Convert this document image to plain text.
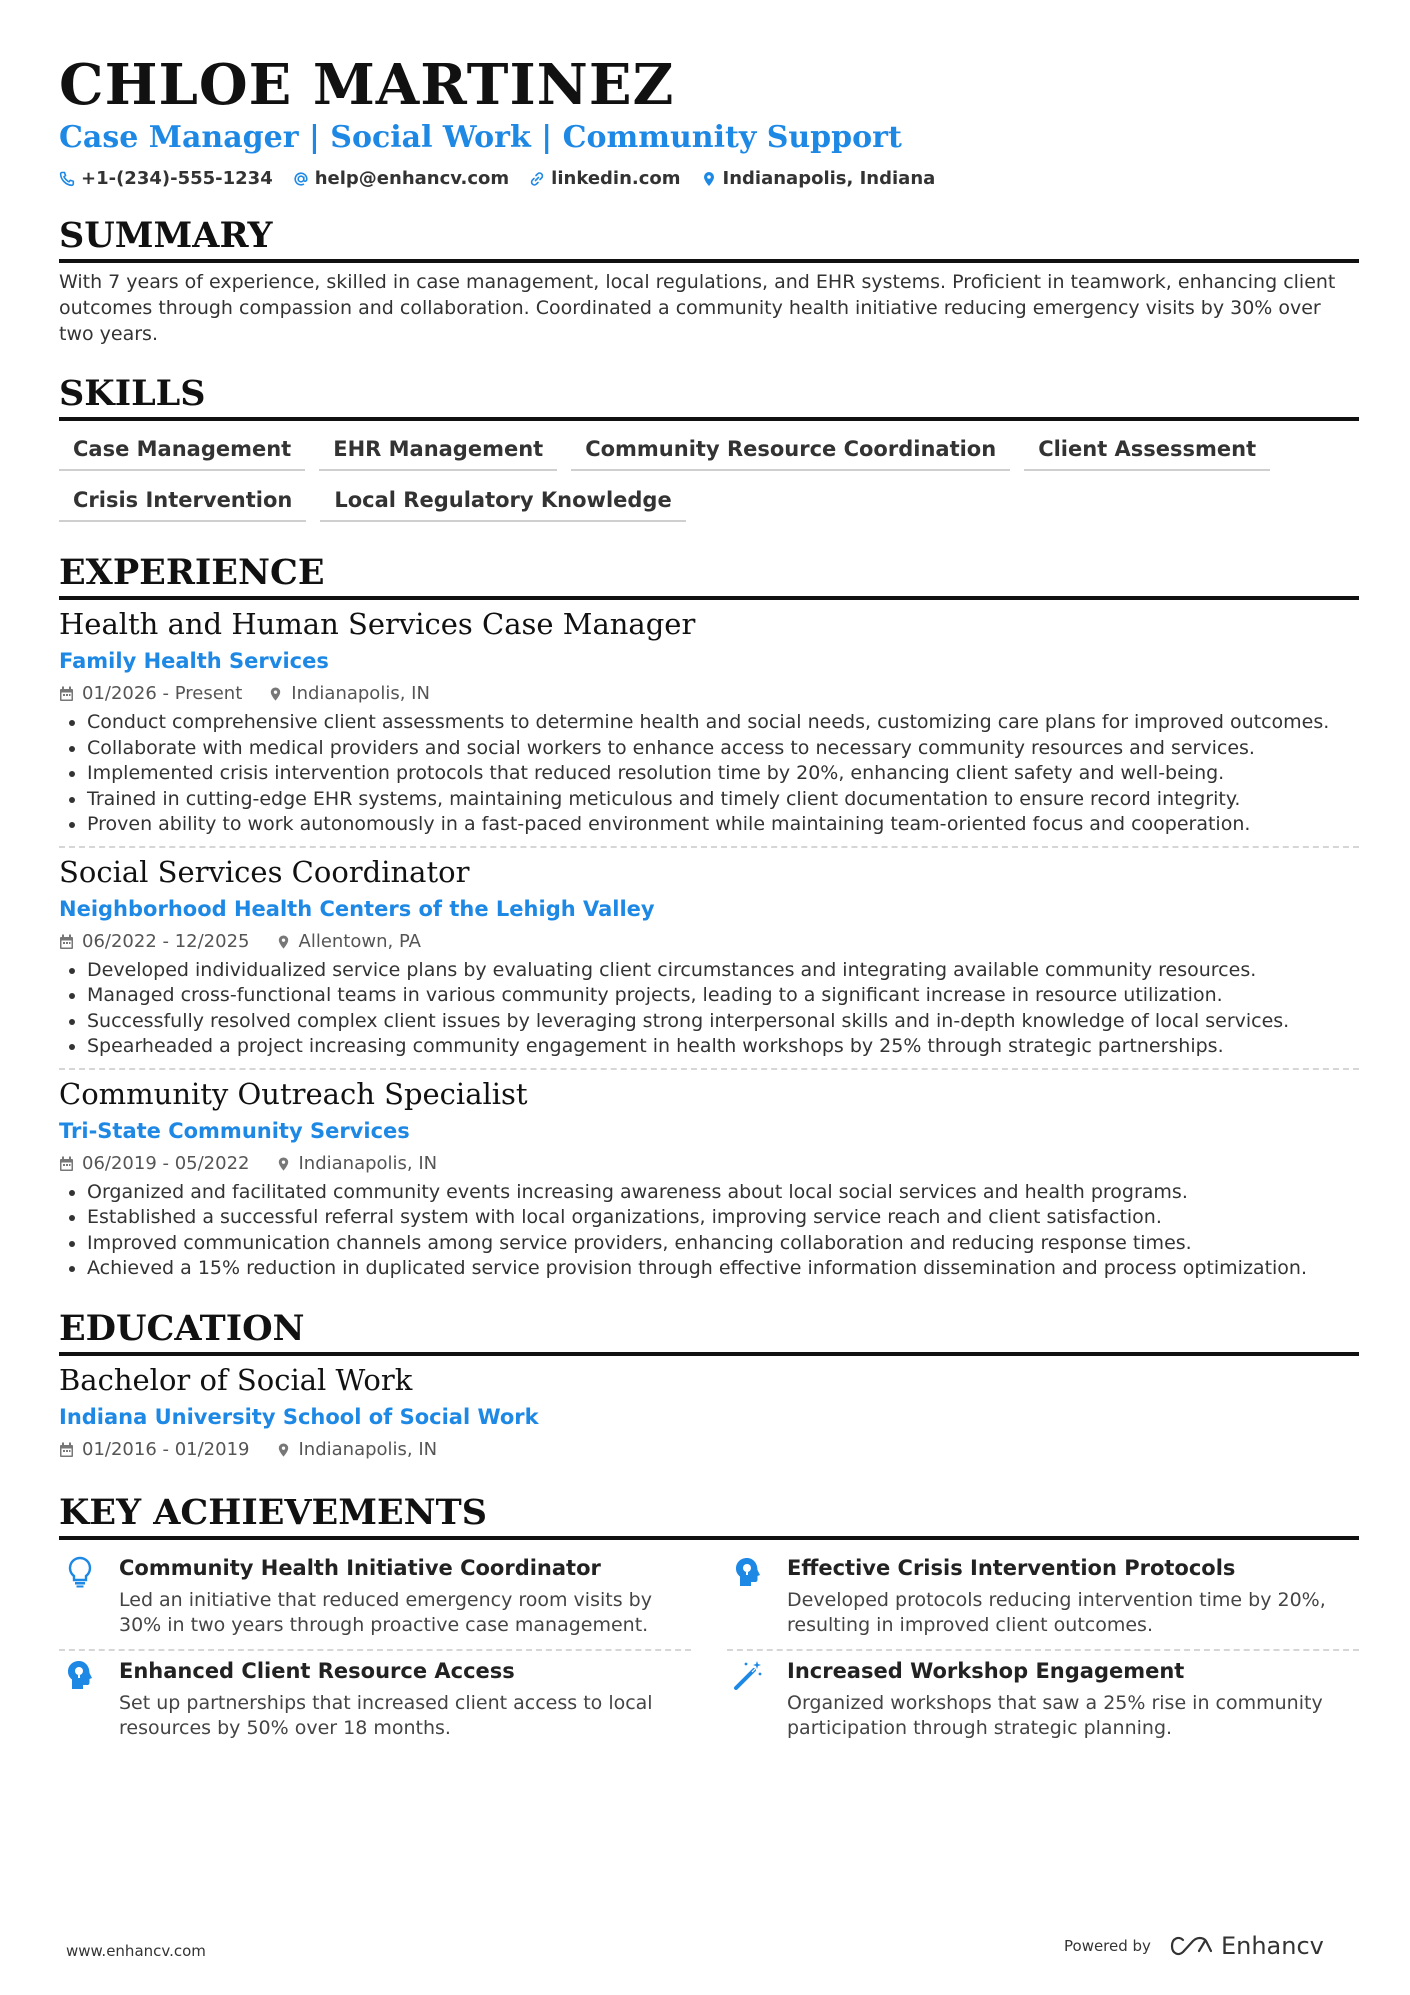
CHLOE MARTINEZ
Case Manager | Social Work | Community Support
+1-(234)-555-1234 help@enhancv.com linkedin.com Indianapolis, Indiana
SUMMARY
With 7 years of experience, skilled in case management, local regulations, and EHR systems. Proficient in teamwork, enhancing client outcomes through compassion and collaboration. Coordinated a community health initiative reducing emergency visits by 30% over two years.
SKILLS
Case Management	EHR Management	Community Resource Coordination	Client Assessment
Crisis Intervention	Local Regulatory Knowledge
EXPERIENCE
Health and Human Services Case Manager
Family Health Services
01/2026 - Present	Indianapolis, IN
• Conduct comprehensive client assessments to determine health and social needs, customizing care plans for improved outcomes.
• Collaborate with medical providers and social workers to enhance access to necessary community resources and services.
• Implemented crisis intervention protocols that reduced resolution time by 20%, enhancing client safety and well-being.
• Trained in cutting-edge EHR systems, maintaining meticulous and timely client documentation to ensure record integrity.
• Proven ability to work autonomously in a fast-paced environment while maintaining team-oriented focus and cooperation.
Social Services Coordinator
Neighborhood Health Centers of the Lehigh Valley
06/2022 - 12/2025	Allentown, PA
• Developed individualized service plans by evaluating client circumstances and integrating available community resources.
• Managed cross-functional teams in various community projects, leading to a significant increase in resource utilization.
• Successfully resolved complex client issues by leveraging strong interpersonal skills and in-depth knowledge of local services.
• Spearheaded a project increasing community engagement in health workshops by 25% through strategic partnerships.
Community Outreach Specialist
Tri-State Community Services
06/2019 - 05/2022	Indianapolis, IN
• Organized and facilitated community events increasing awareness about local social services and health programs.
• Established a successful referral system with local organizations, improving service reach and client satisfaction.
• Improved communication channels among service providers, enhancing collaboration and reducing response times.
• Achieved a 15% reduction in duplicated service provision through effective information dissemination and process optimization.
EDUCATION
Bachelor of Social Work
Indiana University School of Social Work
01/2016 - 01/2019	Indianapolis, IN
KEY ACHIEVEMENTS
Community Health Initiative Coordinator
Led an initiative that reduced emergency room visits by 30% in two years through proactive case management.
Effective Crisis Intervention Protocols
Developed protocols reducing intervention time by 20%, resulting in improved client outcomes.
Enhanced Client Resource Access
Set up partnerships that increased client access to local resources by 50% over 18 months.
Increased Workshop Engagement
Organized workshops that saw a 25% rise in community participation through strategic planning.
www.enhancv.com	Powered by	Enhancv
